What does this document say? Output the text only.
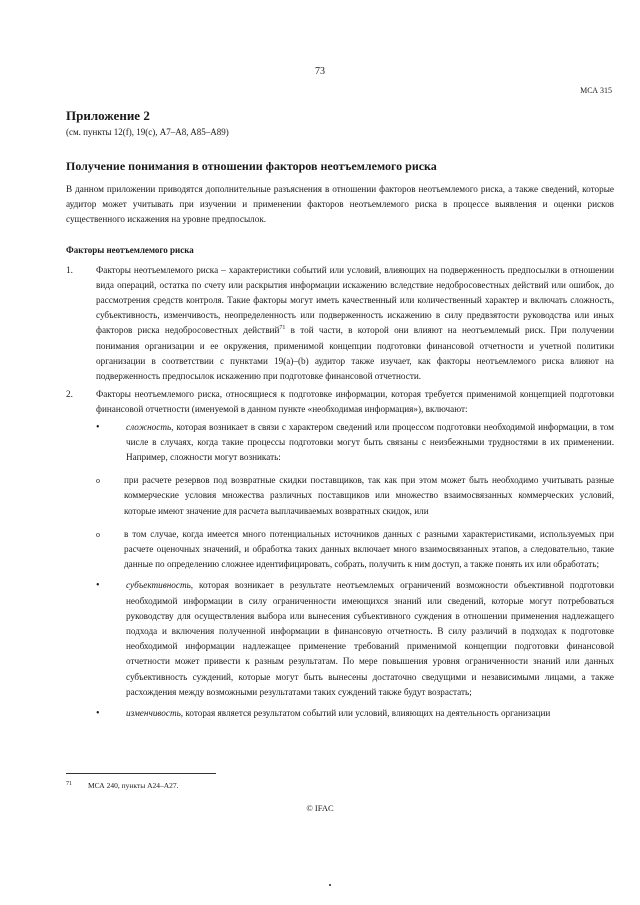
73
МСА 315
Приложение 2
(см. пункты 12(f), 19(c), A7–A8, A85–A89)
Получение понимания в отношении факторов неотъемлемого риска

В данном приложении приводятся дополнительные разъяснения в отношении факторов неотъемлемого риска, а также сведений, которые аудитор может учитывать при изучении и применении факторов неотъемлемого риска в процессе выявления и оценки рисков существенного искажения на уровне предпосылок.

Факторы неотъемлемого риска
1.	Факторы неотъемлемого риска – характеристики событий или условий, влияющих на подверженность предпосылки в отношении вида операций, остатка по счету или раскрытия информации искажению вследствие недобросовестных действий или ошибок, до рассмотрения средств контроля. Такие факторы могут иметь качественный или количественный характер и включать сложность, субъективность, изменчивость, неопределенность или подверженность искажению в силу предвзятости руководства или иных факторов риска недобросовестных действий$^{71}$ в той части, в которой они влияют на неотъемлемый риск. При получении понимания организации и ее окружения, применимой концепции подготовки финансовой отчетности и учетной политики организации в соответствии с пунктами 19(a)–(b) аудитор также изучает, как факторы неотъемлемого риска влияют на подверженность предпосылок искажению при подготовке финансовой отчетности.

2.	Факторы неотъемлемого риска, относящиеся к подготовке информации, которая требуется применимой концепцией подготовки финансовой отчетности (именуемой в данном пункте «необходимая информация»), включают:

•	сложность, которая возникает в связи с характером сведений или процессом подготовки необходимой информации, в том числе в случаях, когда такие процессы подготовки могут быть связаны с неизбежными трудностями в их применении. Например, сложности могут возникать:

o	при расчете резервов под возвратные скидки поставщиков, так как при этом может быть необходимо учитывать разные коммерческие условия множества различных поставщиков или множество взаимосвязанных коммерческих условий, которые имеют значение для расчета выплачиваемых возвратных скидок, или

o	в том случае, когда имеется много потенциальных источников данных с разными характеристиками, используемых при расчете оценочных значений, и обработка таких данных включает много взаимосвязанных этапов, а следовательно, такие данные по определению сложнее идентифицировать, собрать, получить к ним доступ, а также понять их или обработать;

•	субъективность, которая возникает в результате неотъемлемых ограничений возможности объективной подготовки необходимой информации в силу ограниченности имеющихся знаний или сведений, которые могут потребоваться руководству для осуществления выбора или вынесения субъективного суждения в отношении применения надлежащего подхода и включения полученной информации в финансовую отчетность. В силу различий в подходах к подготовке необходимой информации надлежащее применение требований применимой концепции подготовки финансовой отчетности может привести к разным результатам. По мере повышения уровня ограниченности знаний или данных субъективность суждений, которые могут быть вынесены достаточно сведущими и независимыми лицами, а также расхождения между возможными результатами таких суждений также будут возрастать;

•	изменчивость, которая является результатом событий или условий, влияющих на деятельность организации

71 МСА 240, пункты A24–A27.
© IFAC
